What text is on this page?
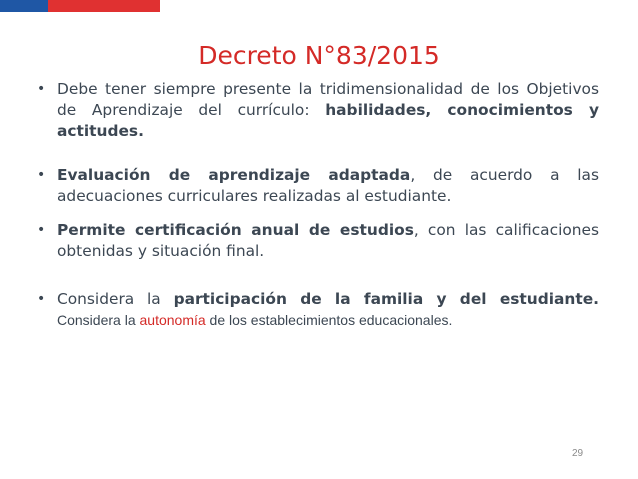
Decreto N°83/2015
• Debe tener siempre presente la tridimensionalidad de los Objetivos de Aprendizaje del currículo: habilidades, conocimientos y actitudes.
• Evaluación de aprendizaje adaptada, de acuerdo a las adecuaciones curriculares realizadas al estudiante.
• Permite certificación anual de estudios, con las calificaciones obtenidas y situación final.
• Considera la participación de la familia y del estudiante. Considera la autonomía de los establecimientos educacionales.
29
